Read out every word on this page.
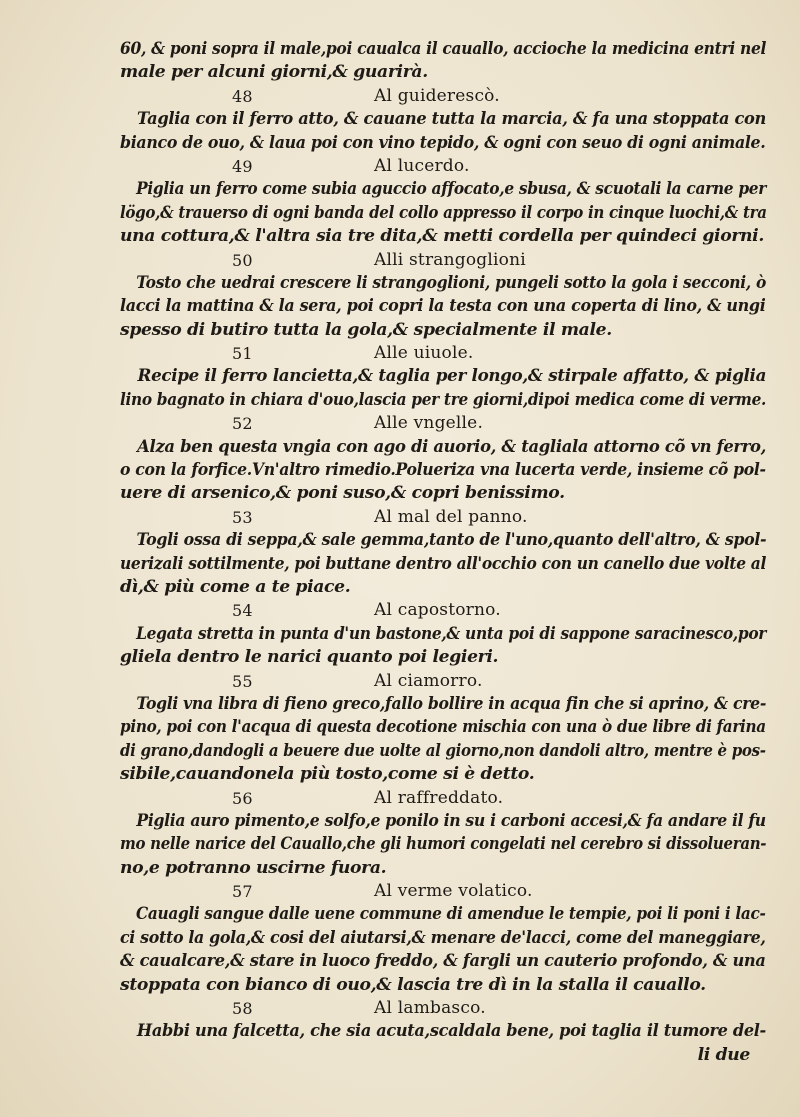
60, & poni sopra il male,poi caualca il cauallo, accioche la medicina entri nel
male per alcuni giorni,& guarirà.
48	Al guiderescò.
Taglia con il ferro atto, & cauane tutta la marcia, & fa una stoppata con
bianco de ouo, & laua poi con vino tepido, & ogni con seuo di ogni animale.
49	Al lucerdo.
Piglia un ferro come subia aguccio affocato,e sbusa, & scuotali la carne per
lögo,& trauerso di ogni banda del collo appresso il corpo in cinque luochi,& tra
una cottura,& l'altra sia tre dita,& metti cordella per quindeci giorni.
50	Alli strangoglioni
Tosto che uedrai crescere li strangoglioni, pungeli sotto la gola i secconi, ò
lacci la mattina & la sera, poi copri la testa con una coperta di lino, & ungi
spesso di butiro tutta la gola,& specialmente il male.
51	Alle uiuole.
Recipe il ferro lancietta,& taglia per longo,& stirpale affatto, & piglia
lino bagnato in chiara d'ouo,lascia per tre giorni,dipoi medica come di verme.
52	Alle vngelle.
Alza ben questa vngia con ago di auorio, & tagliala attorno cõ vn ferro,
o con la forfice.Vn'altro rimedio.Polueriza vna lucerta verde, insieme cõ pol-
uere di arsenico,& poni suso,& copri benissimo.
53	Al mal del panno.
Togli ossa di seppa,& sale gemma,tanto de l'uno,quanto dell'altro, & spol-
uerizali sottilmente, poi buttane dentro all'occhio con un canello due volte al
dì,& più come a te piace.
54	Al capostorno.
Legata stretta in punta d'un bastone,& unta poi di sappone saracinesco,por
gliela dentro le narici quanto poi legieri.
55	Al ciamorro.
Togli vna libra di fieno greco,fallo bollire in acqua fin che si aprino, & cre-
pino, poi con l'acqua di questa decotione mischia con una ò due libre di farina
di grano,dandogli a beuere due uolte al giorno,non dandoli altro, mentre è pos-
sibile,cauandonela più tosto,come si è detto.
56	Al raffreddato.
Piglia auro pimento,e solfo,e ponilo in su i carboni accesi,& fa andare il fu
mo nelle narice del Cauallo,che gli humori congelati nel cerebro si dissolueran-
no,e potranno uscirne fuora.
57	Al verme volatico.
Cauagli sangue dalle uene commune di amendue le tempie, poi li poni i lac-
ci sotto la gola,& cosi del aiutarsi,& menare de'lacci, come del maneggiare,
& caualcare,& stare in luoco freddo, & fargli un cauterio profondo, & una
stoppata con bianco di ouo,& lascia tre dì in la stalla il cauallo.
58	Al lambasco.
Habbi una falcetta, che sia acuta,scaldala bene, poi taglia il tumore del-
li due
